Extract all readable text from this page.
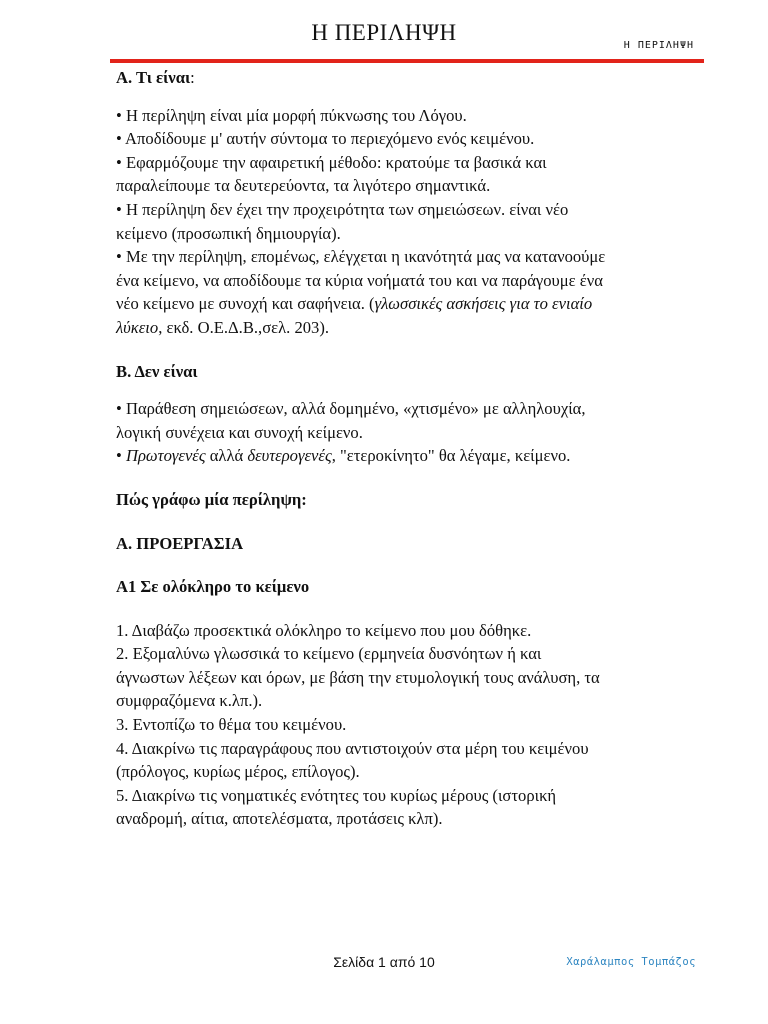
Η ΠΕΡΙΛΗΨΗ
Η ΠΕΡΙΛΗΨΗ

Α. Τι είναι:

• Η περίληψη είναι μία μορφή πύκνωσης του Λόγου.

• Αποδίδουμε μ' αυτήν σύντομα το περιεχόμενο ενός κειμένου.

• Εφαρμόζουμε την αφαιρετική μέθοδο: κρατούμε τα βασικά και

παραλείπουμε τα δευτερεύοντα, τα λιγότερο σημαντικά.

• Η περίληψη δεν έχει την προχειρότητα των σημειώσεων. είναι νέο

κείμενο (προσωπική δημιουργία).

• Με την περίληψη, επομένως, ελέγχεται η ικανότητά μας να κατανοούμε

ένα κείμενο, να αποδίδουμε τα κύρια νοήματά του και να παράγουμε ένα

νέο κείμενο με συνοχή και σαφήνεια. (γλωσσικές ασκήσεις για το ενιαίο

λύκειο, εκδ. Ο.Ε.Δ.Β.,σελ. 203).

Β. Δεν είναι

• Παράθεση σημειώσεων, αλλά δομημένο, «χτισμένο» με αλληλουχία,

λογική συνέχεια και συνοχή κείμενο.

• Πρωτογενές αλλά δευτερογενές, "ετεροκίνητο" θα λέγαμε, κείμενο.

Πώς γράφω μία περίληψη:

Α. ΠΡΟΕΡΓΑΣΙΑ

Α1 Σε ολόκληρο το κείμενο

1. Διαβάζω προσεκτικά ολόκληρο το κείμενο που μου δόθηκε.

2. Εξομαλύνω γλωσσικά το κείμενο (ερμηνεία δυσνόητων ή και

άγνωστων λέξεων και όρων, με βάση την ετυμολογική τους ανάλυση, τα

συμφραζόμενα κ.λπ.).

3. Εντοπίζω το θέμα του κειμένου.

4. Διακρίνω τις παραγράφους που αντιστοιχούν στα μέρη του κειμένου

(πρόλογος, κυρίως μέρος, επίλογος).

5. Διακρίνω τις νοηματικές ενότητες του κυρίως μέρους (ιστορική

αναδρομή, αίτια, αποτελέσματα, προτάσεις κλπ).

Σελίδα 1 από 10	Χαράλαμπος Τομπάζος
